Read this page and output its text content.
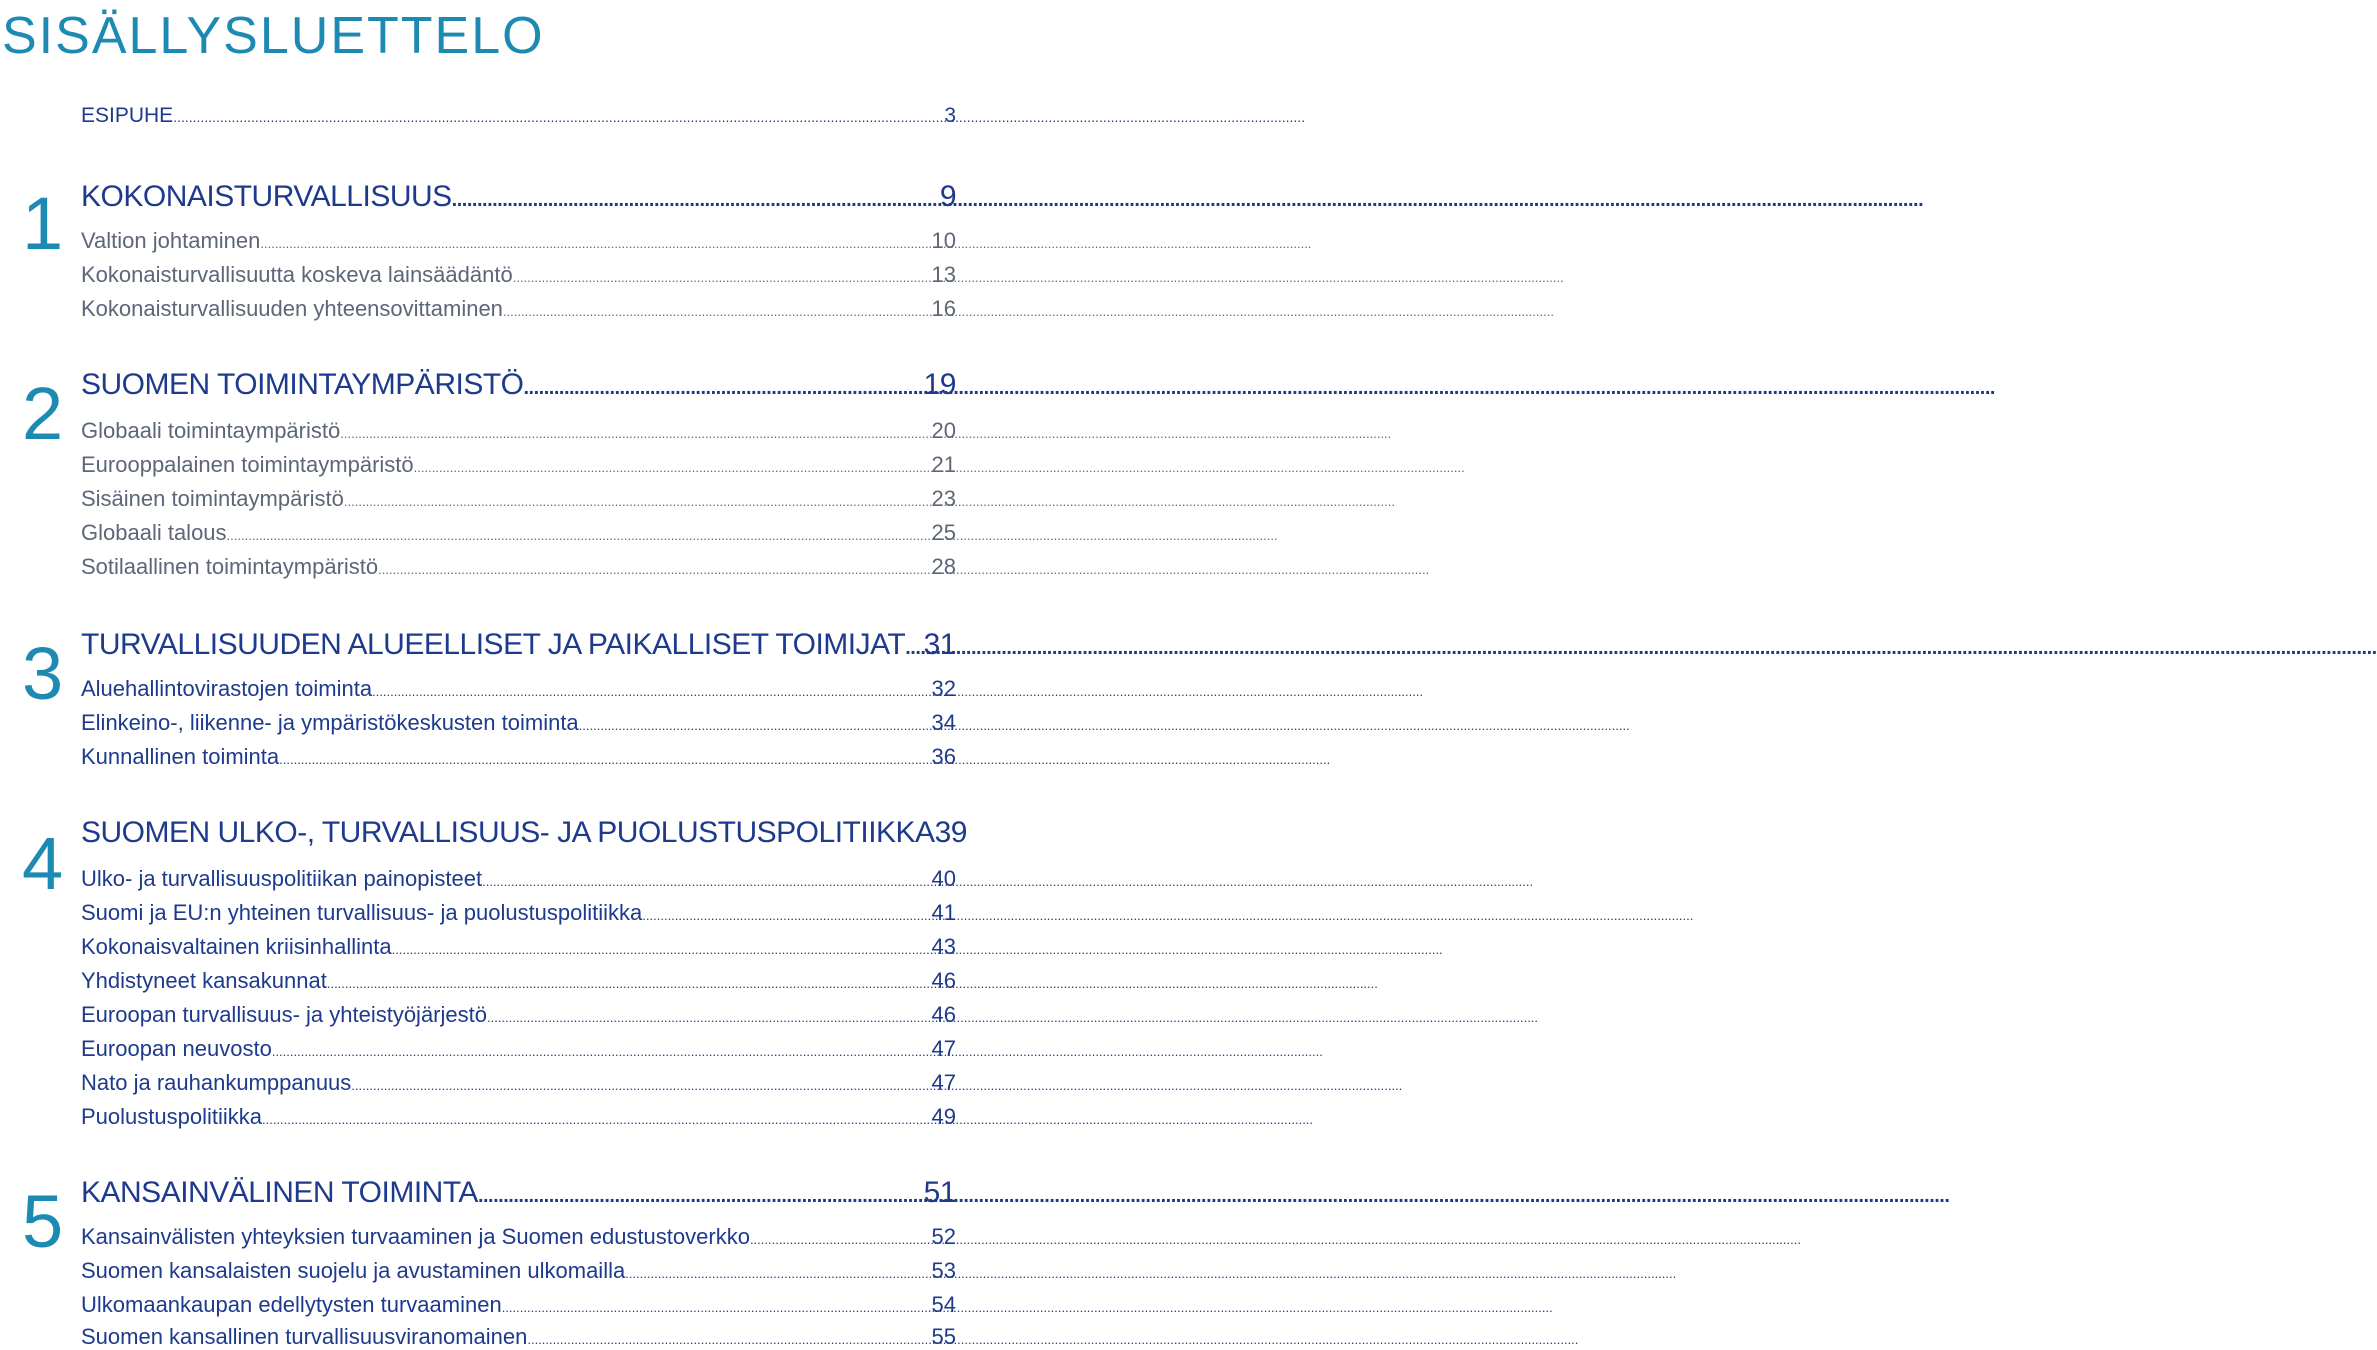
SISÄLLYSLUETTELO
ESIPUHE .....	3
1 KOKONAISTURVALLISUUS .....	9
Valtion johtaminen .....	10
Kokonaisturvallisuutta koskeva lainsäädäntö .....	13
Kokonaisturvallisuuden yhteensovittaminen .....	16
2 SUOMEN TOIMINTAYMPÄRISTÖ .....	19
Globaali toimintaympäristö .....	20
Eurooppalainen toimintaympäristö .....	21
Sisäinen toimintaympäristö .....	23
Globaali talous .....	25
Sotilaallinen toimintaympäristö .....	28
3 TURVALLISUUDEN ALUEELLISET JA PAIKALLISET TOIMIJAT ..... 31
Aluehallintovirastojen toiminta .....	32
Elinkeino-, liikenne- ja ympäristökeskusten toiminta .....	34
Kunnallinen toiminta .....	36
4 SUOMEN ULKO-, TURVALLISUUS- JA PUOLUSTUSPOLITIIKKA 39
Ulko- ja turvallisuuspolitiikan painopisteet .....	40
Suomi ja EU:n yhteinen turvallisuus- ja puolustuspolitiikka .....	41
Kokonaisvaltainen kriisinhallinta .....	43
Yhdistyneet kansakunnat .....	46
Euroopan turvallisuus- ja yhteistyöjärjestö .....	46
Euroopan neuvosto .....	47
Nato ja rauhankumppanuus .....	47
Puolustuspolitiikka .....	49
5 KANSAINVÄLINEN TOIMINTA .....	51
Kansainvälisten yhteyksien turvaaminen ja Suomen edustustoverkko .....	52
Suomen kansalaisten suojelu ja avustaminen ulkomailla .....	53
Ulkomaankaupan edellytysten turvaaminen .....	54
Suomen kansallinen turvallisuusviranomainen .....	55
